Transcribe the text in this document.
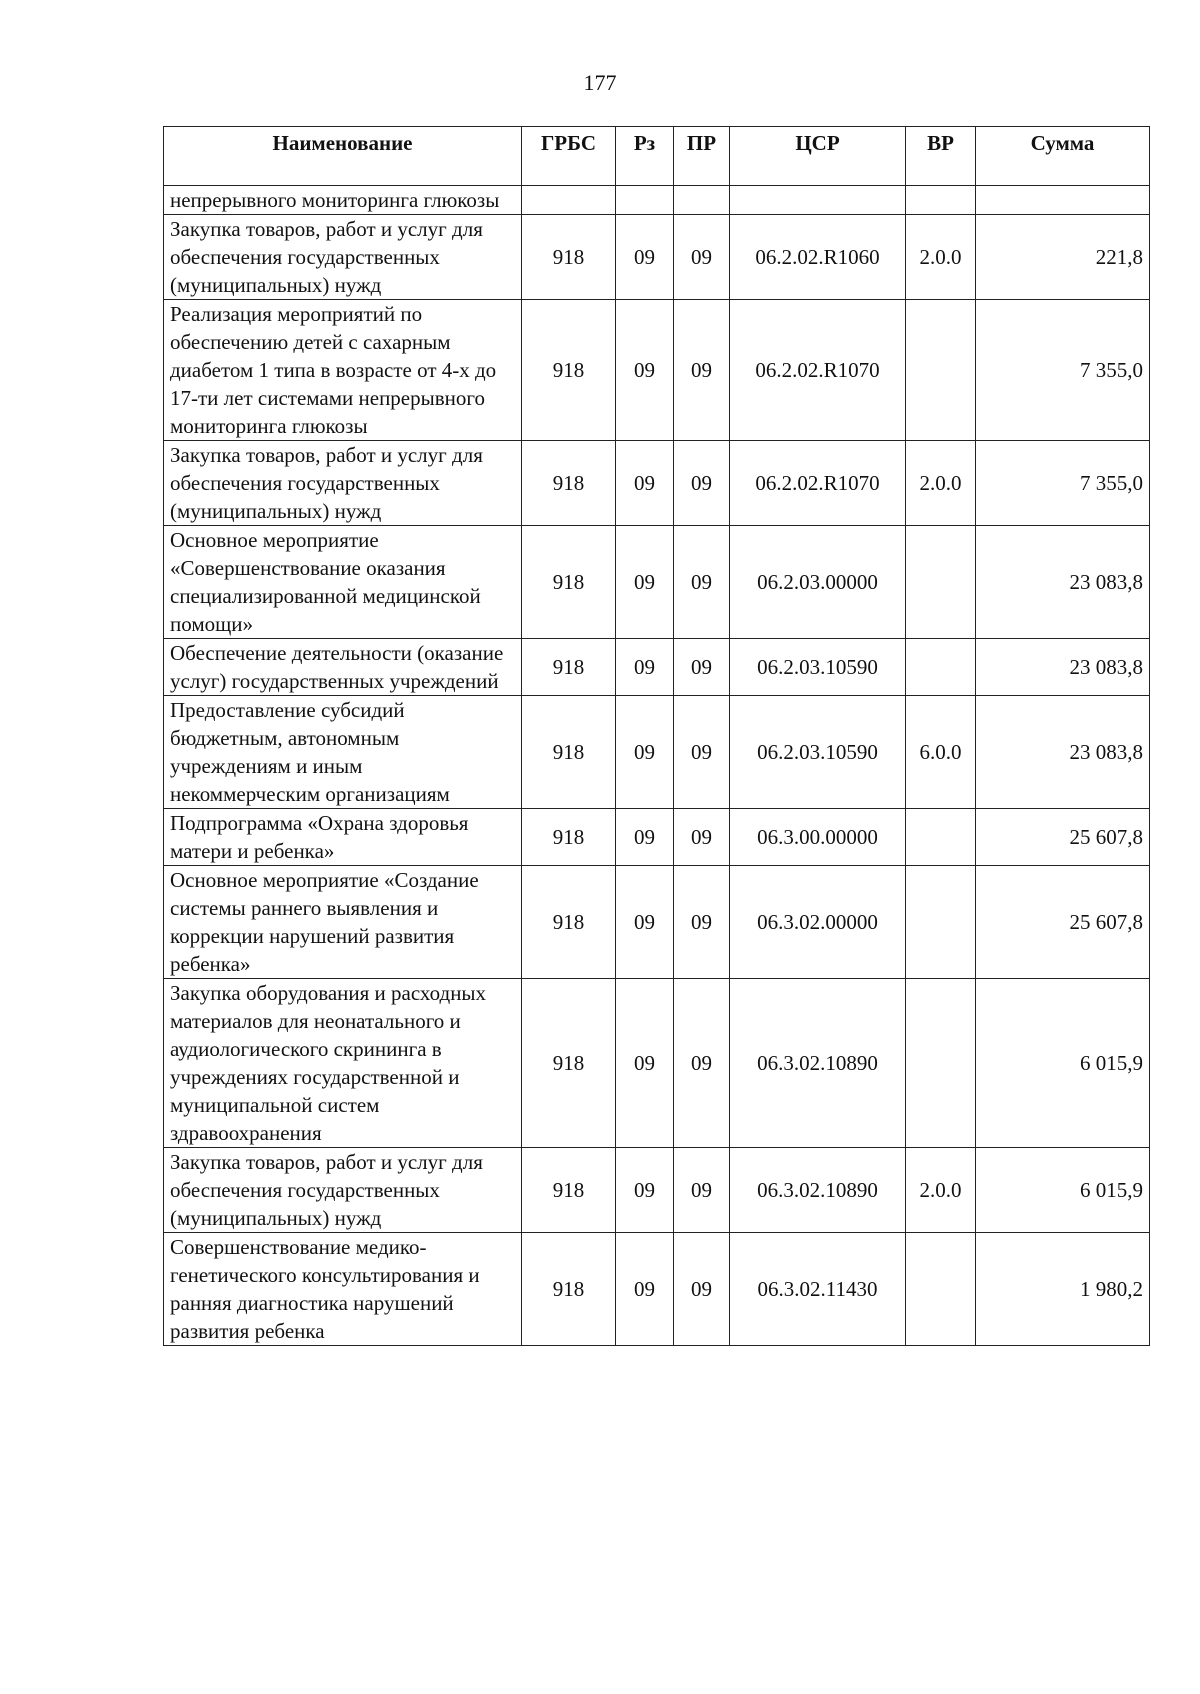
177
Наименование	ГРБС	Рз	ПР	ЦСР	ВР	Сумма
непрерывного мониторинга глюкозы						
Закупка товаров, работ и услуг для обеспечения государственных (муниципальных) нужд	918	09	09	06.2.02.R1060	2.0.0	221,8
Реализация мероприятий по обеспечению детей с сахарным диабетом 1 типа в возрасте от 4-х до 17-ти лет системами непрерывного мониторинга глюкозы	918	09	09	06.2.02.R1070		7 355,0
Закупка товаров, работ и услуг для обеспечения государственных (муниципальных) нужд	918	09	09	06.2.02.R1070	2.0.0	7 355,0
Основное мероприятие «Совершенствование оказания специализированной медицинской помощи»	918	09	09	06.2.03.00000		23 083,8
Обеспечение деятельности (оказание услуг) государственных учреждений	918	09	09	06.2.03.10590		23 083,8
Предоставление субсидий бюджетным, автономным учреждениям и иным некоммерческим организациям	918	09	09	06.2.03.10590	6.0.0	23 083,8
Подпрограмма «Охрана здоровья матери и ребенка»	918	09	09	06.3.00.00000		25 607,8
Основное мероприятие «Создание системы раннего выявления и коррекции нарушений развития ребенка»	918	09	09	06.3.02.00000		25 607,8
Закупка оборудования и расходных материалов для неонатального и аудиологического скрининга в учреждениях государственной и муниципальной систем здравоохранения	918	09	09	06.3.02.10890		6 015,9
Закупка товаров, работ и услуг для обеспечения государственных (муниципальных) нужд	918	09	09	06.3.02.10890	2.0.0	6 015,9
Совершенствование медико-генетического консультирования и ранняя диагностика нарушений развития ребенка	918	09	09	06.3.02.11430		1 980,2
